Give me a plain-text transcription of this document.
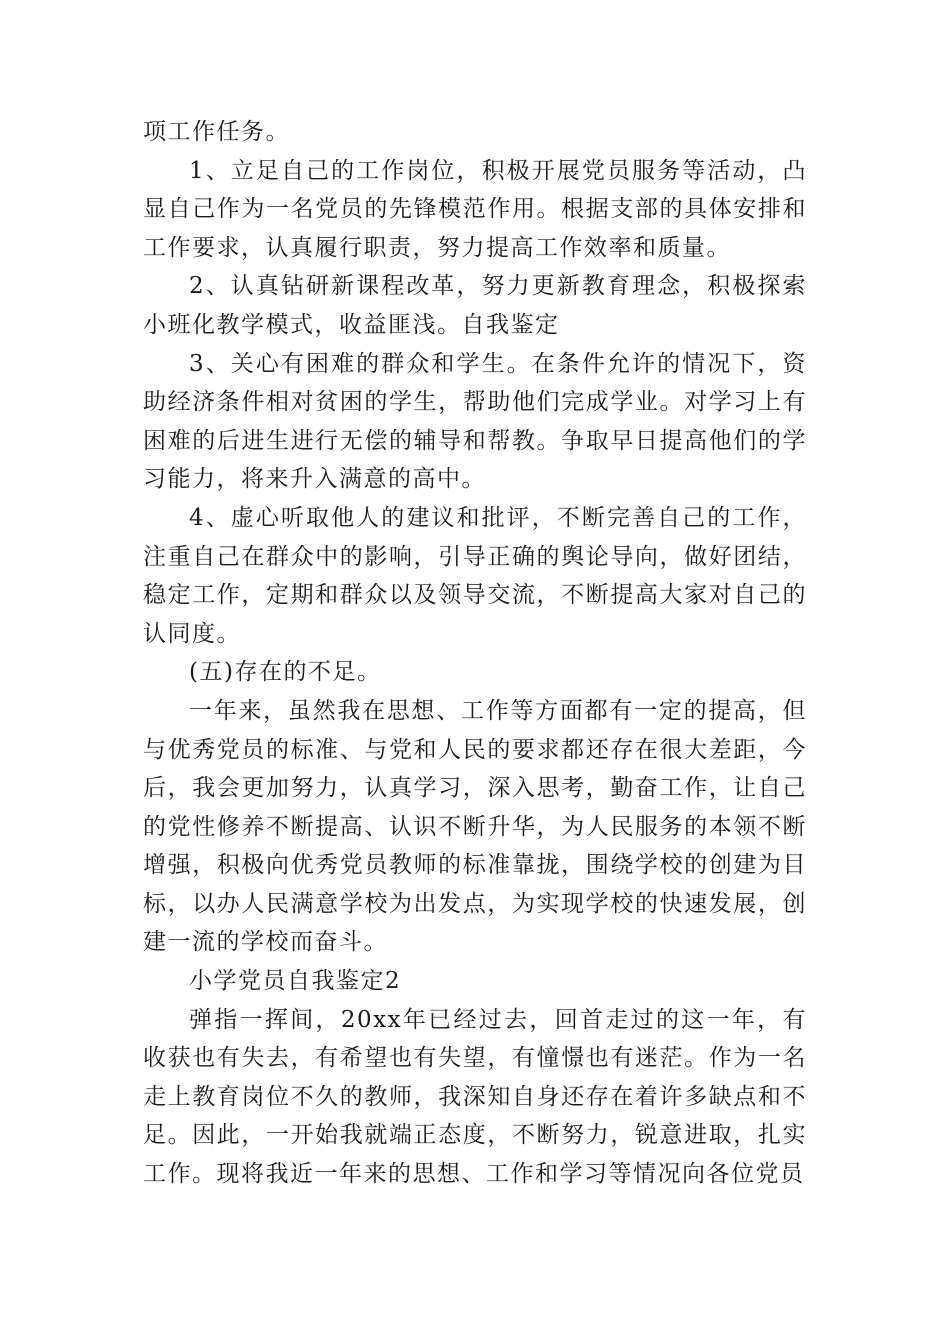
项工作任务。

1、立足自己的工作岗位，积极开展党员服务等活动，凸显自己作为一名党员的先锋模范作用。根据支部的具体安排和工作要求，认真履行职责，努力提高工作效率和质量。

2、认真钻研新课程改革，努力更新教育理念，积极探索小班化教学模式，收益匪浅。自我鉴定

3、关心有困难的群众和学生。在条件允许的情况下，资助经济条件相对贫困的学生，帮助他们完成学业。对学习上有困难的后进生进行无偿的辅导和帮教。争取早日提高他们的学习能力，将来升入满意的高中。

4、虚心听取他人的建议和批评，不断完善自己的工作，注重自己在群众中的影响，引导正确的舆论导向，做好团结，稳定工作，定期和群众以及领导交流，不断提高大家对自己的认同度。

(五)存在的不足。

一年来，虽然我在思想、工作等方面都有一定的提高，但与优秀党员的标准、与党和人民的要求都还存在很大差距，今后，我会更加努力，认真学习，深入思考，勤奋工作，让自己的党性修养不断提高、认识不断升华，为人民服务的本领不断增强，积极向优秀党员教师的标准靠拢，围绕学校的创建为目标，以办人民满意学校为出发点，为实现学校的快速发展，创建一流的学校而奋斗。

小学党员自我鉴定2

弹指一挥间，20xx年已经过去，回首走过的这一年，有收获也有失去，有希望也有失望，有憧憬也有迷茫。作为一名走上教育岗位不久的教师，我深知自身还存在着许多缺点和不足。因此，一开始我就端正态度，不断努力，锐意进取，扎实工作。现将我近一年来的思想、工作和学习等情况向各位党员
